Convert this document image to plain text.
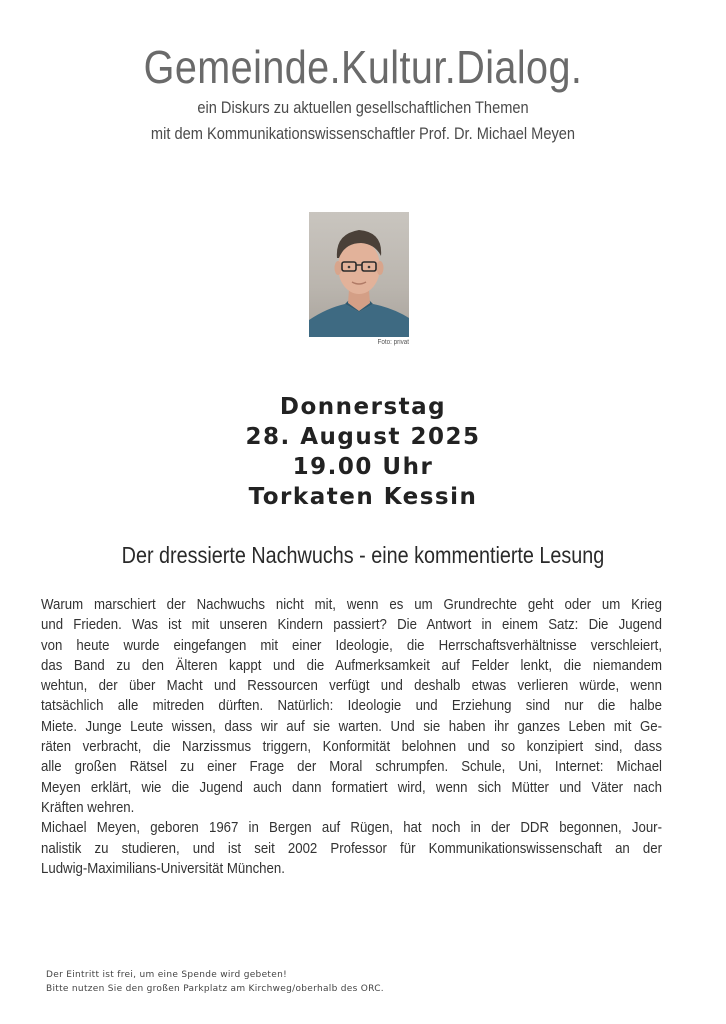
Gemeinde.Kultur.Dialog.
ein Diskurs zu aktuellen gesellschaftlichen Themen
mit dem Kommunikationswissenschaftler Prof. Dr. Michael Meyen
Foto: privat
Donnerstag
28. August 2025
19.00 Uhr
Torkaten Kessin
Der dressierte Nachwuchs - eine kommentierte Lesung
Warum marschiert der Nachwuchs nicht mit, wenn es um Grundrechte geht oder um Krieg
und Frieden. Was ist mit unseren Kindern passiert? Die Antwort in einem Satz: Die Jugend
von heute wurde eingefangen mit einer Ideologie, die Herrschaftsverhältnisse verschleiert,
das Band zu den Älteren kappt und die Aufmerksamkeit auf Felder lenkt, die niemandem
wehtun, der über Macht und Ressourcen verfügt und deshalb etwas verlieren würde, wenn
tatsächlich alle mitreden dürften. Natürlich: Ideologie und Erziehung sind nur die halbe
Miete. Junge Leute wissen, dass wir auf sie warten. Und sie haben ihr ganzes Leben mit Ge-
räten verbracht, die Narzissmus triggern, Konformität belohnen und so konzipiert sind, dass
alle großen Rätsel zu einer Frage der Moral schrumpfen. Schule, Uni, Internet: Michael
Meyen erklärt, wie die Jugend auch dann formatiert wird, wenn sich Mütter und Väter nach
Kräften wehren.
Michael Meyen, geboren 1967 in Bergen auf Rügen, hat noch in der DDR begonnen, Jour-
nalistik zu studieren, und ist seit 2002 Professor für Kommunikationswissenschaft an der
Ludwig-Maximilians-Universität München.
Der Eintritt ist frei, um eine Spende wird gebeten!
Bitte nutzen Sie den großen Parkplatz am Kirchweg/oberhalb des ORC.
